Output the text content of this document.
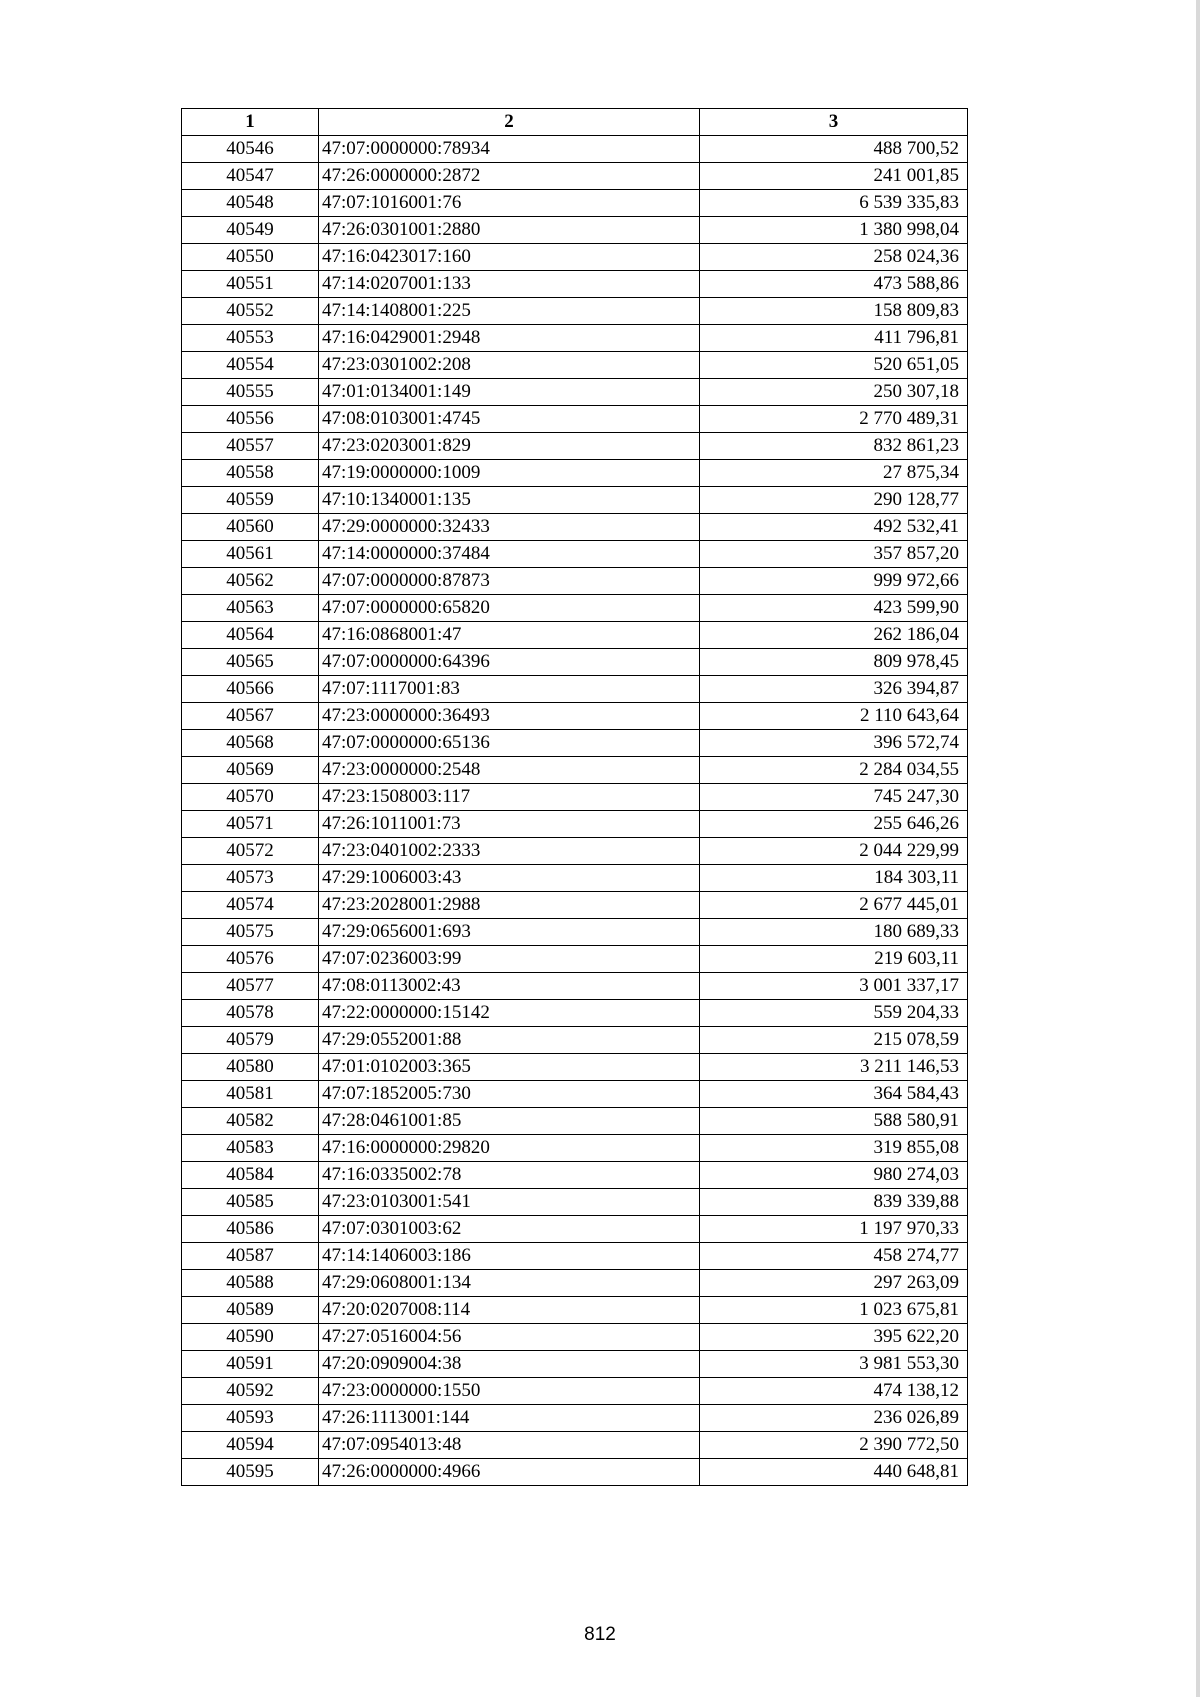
1	2	3
40546	47:07:0000000:78934	488 700,52
40547	47:26:0000000:2872	241 001,85
40548	47:07:1016001:76	6 539 335,83
40549	47:26:0301001:2880	1 380 998,04
40550	47:16:0423017:160	258 024,36
40551	47:14:0207001:133	473 588,86
40552	47:14:1408001:225	158 809,83
40553	47:16:0429001:2948	411 796,81
40554	47:23:0301002:208	520 651,05
40555	47:01:0134001:149	250 307,18
40556	47:08:0103001:4745	2 770 489,31
40557	47:23:0203001:829	832 861,23
40558	47:19:0000000:1009	27 875,34
40559	47:10:1340001:135	290 128,77
40560	47:29:0000000:32433	492 532,41
40561	47:14:0000000:37484	357 857,20
40562	47:07:0000000:87873	999 972,66
40563	47:07:0000000:65820	423 599,90
40564	47:16:0868001:47	262 186,04
40565	47:07:0000000:64396	809 978,45
40566	47:07:1117001:83	326 394,87
40567	47:23:0000000:36493	2 110 643,64
40568	47:07:0000000:65136	396 572,74
40569	47:23:0000000:2548	2 284 034,55
40570	47:23:1508003:117	745 247,30
40571	47:26:1011001:73	255 646,26
40572	47:23:0401002:2333	2 044 229,99
40573	47:29:1006003:43	184 303,11
40574	47:23:2028001:2988	2 677 445,01
40575	47:29:0656001:693	180 689,33
40576	47:07:0236003:99	219 603,11
40577	47:08:0113002:43	3 001 337,17
40578	47:22:0000000:15142	559 204,33
40579	47:29:0552001:88	215 078,59
40580	47:01:0102003:365	3 211 146,53
40581	47:07:1852005:730	364 584,43
40582	47:28:0461001:85	588 580,91
40583	47:16:0000000:29820	319 855,08
40584	47:16:0335002:78	980 274,03
40585	47:23:0103001:541	839 339,88
40586	47:07:0301003:62	1 197 970,33
40587	47:14:1406003:186	458 274,77
40588	47:29:0608001:134	297 263,09
40589	47:20:0207008:114	1 023 675,81
40590	47:27:0516004:56	395 622,20
40591	47:20:0909004:38	3 981 553,30
40592	47:23:0000000:1550	474 138,12
40593	47:26:1113001:144	236 026,89
40594	47:07:0954013:48	2 390 772,50
40595	47:26:0000000:4966	440 648,81
812
